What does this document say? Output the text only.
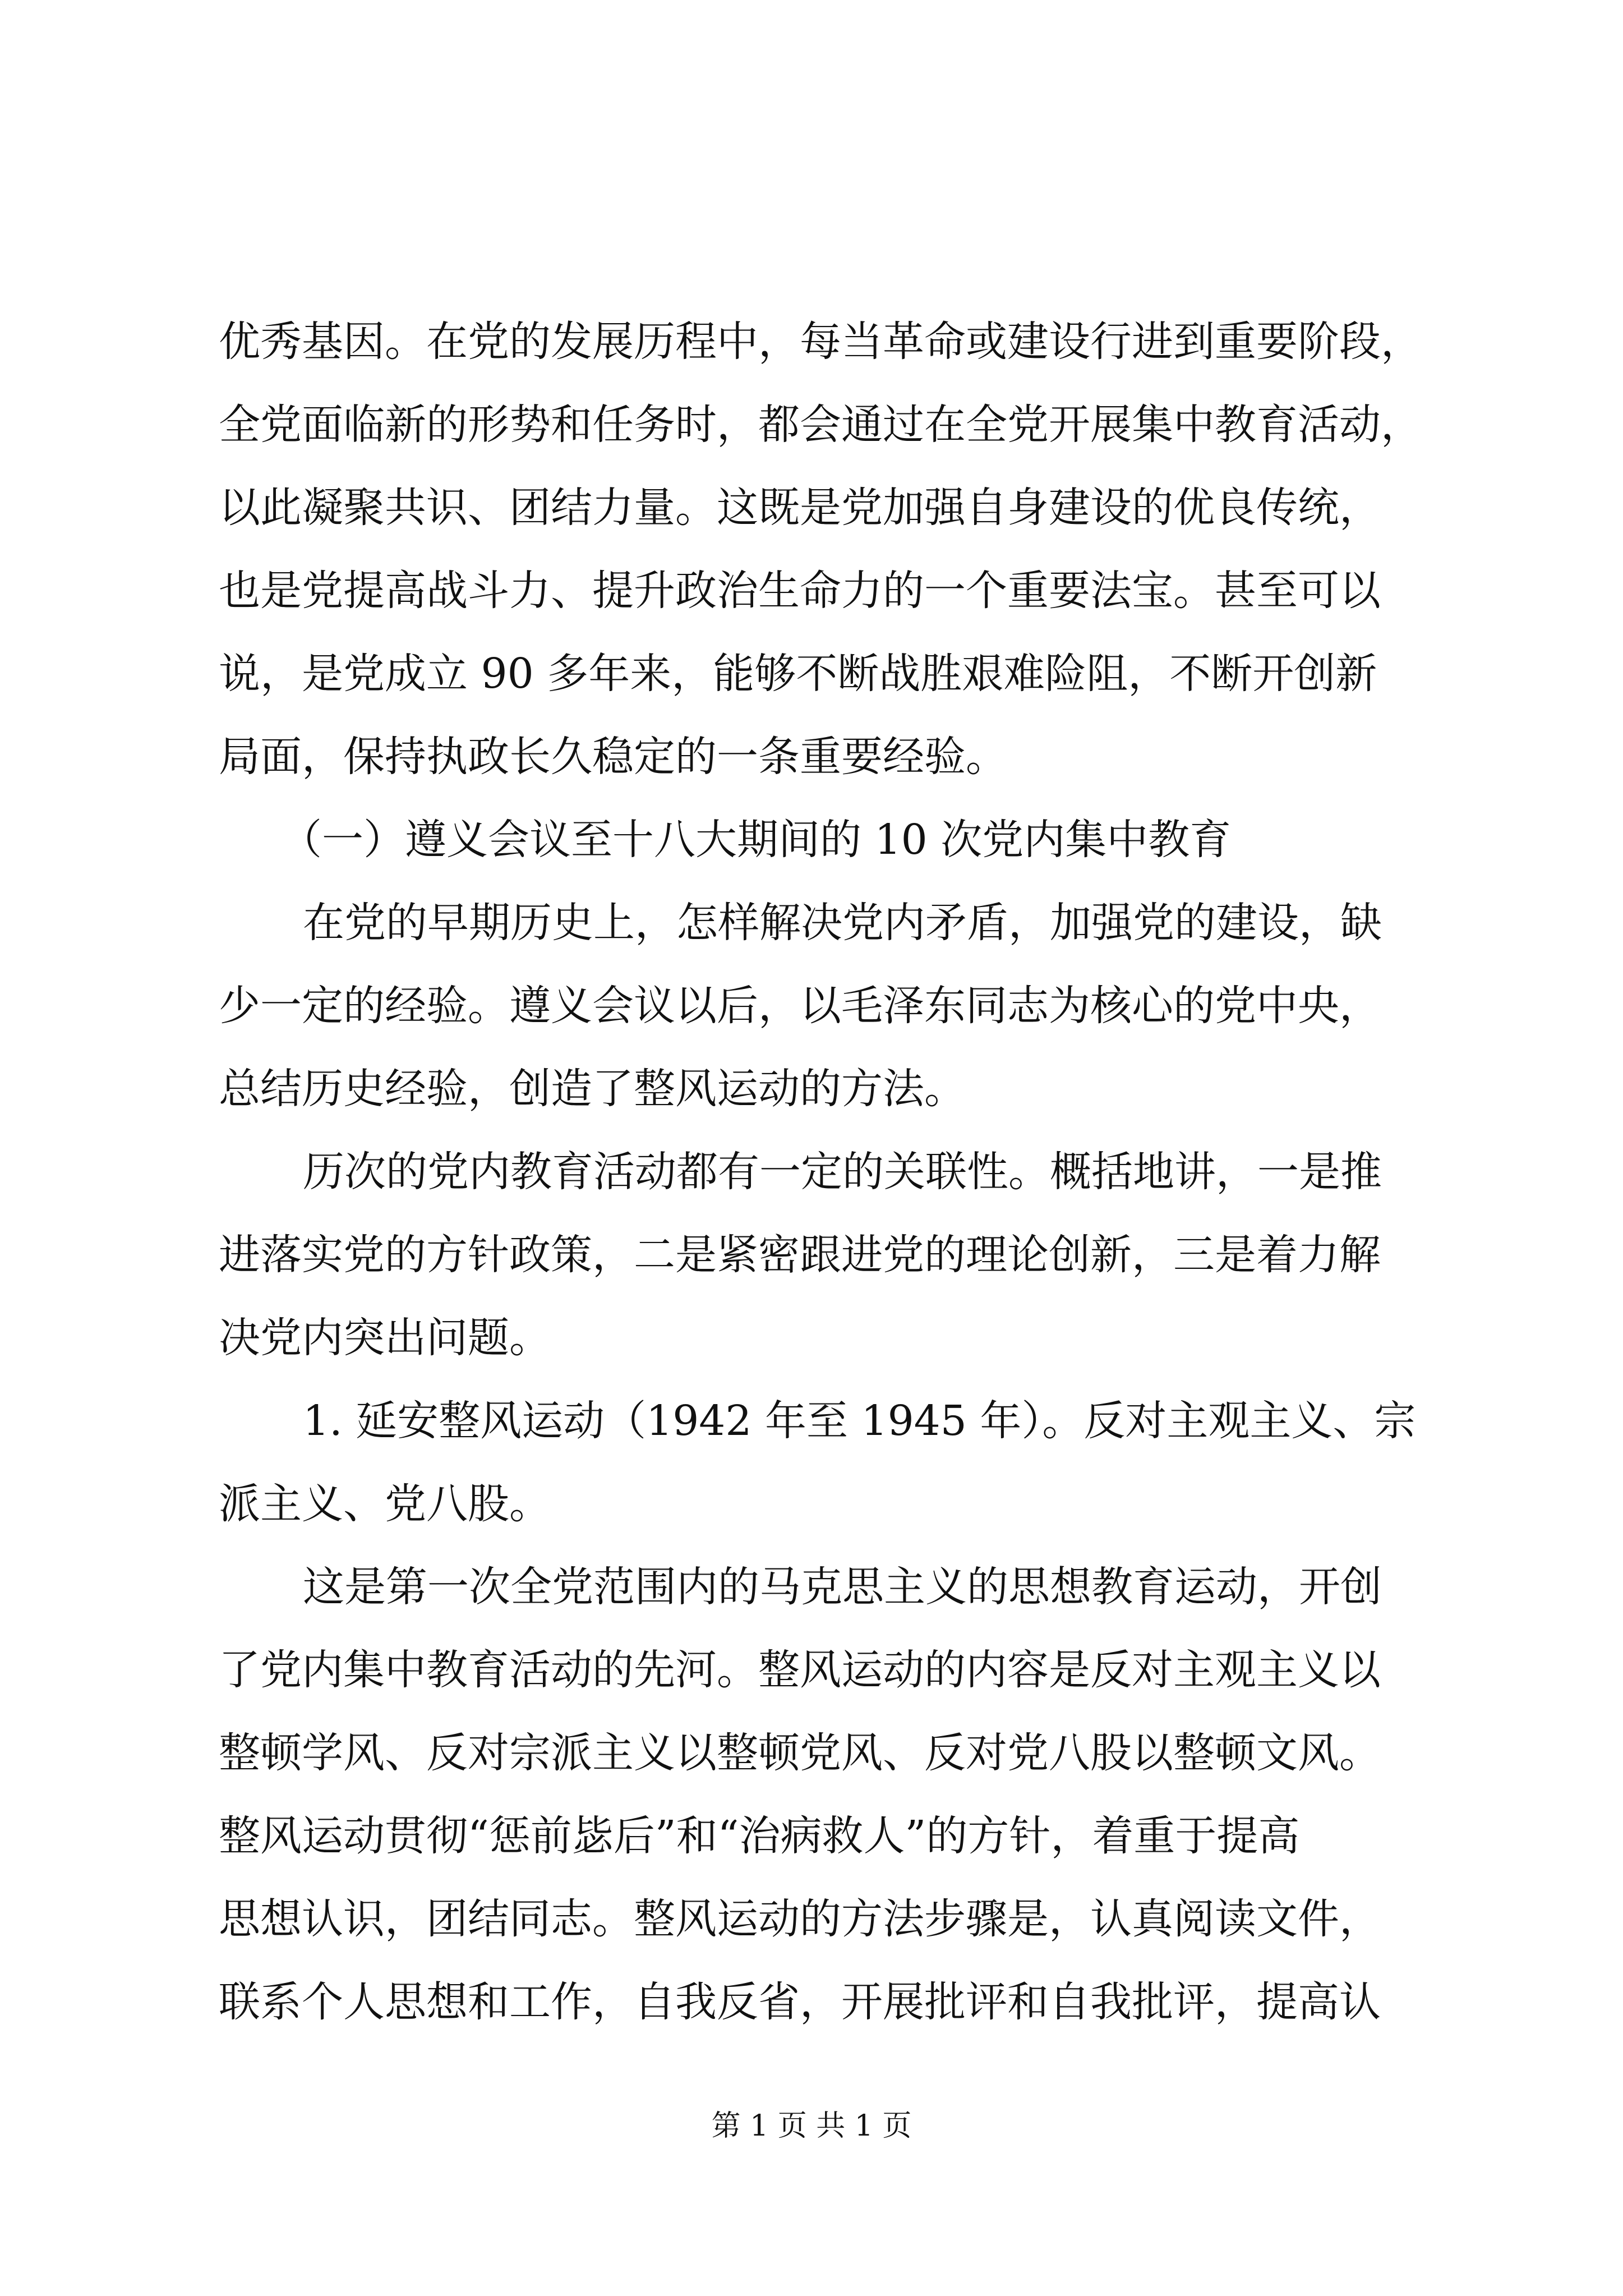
优秀基因。在党的发展历程中，每当革命或建设行进到重要阶段，
全党面临新的形势和任务时，都会通过在全党开展集中教育活动，
以此凝聚共识、团结力量。这既是党加强自身建设的优良传统，
也是党提高战斗力、提升政治生命力的一个重要法宝。甚至可以
说，是党成立 90 多年来，能够不断战胜艰难险阻，不断开创新
局面，保持执政长久稳定的一条重要经验。
（一）遵义会议至十八大期间的 10 次党内集中教育
在党的早期历史上，怎样解决党内矛盾，加强党的建设，缺
少一定的经验。遵义会议以后，以毛泽东同志为核心的党中央，
总结历史经验，创造了整风运动的方法。
历次的党内教育活动都有一定的关联性。概括地讲，一是推
进落实党的方针政策，二是紧密跟进党的理论创新，三是着力解
决党内突出问题。
1. 延安整风运动（1942 年至 1945 年）。反对主观主义、宗
派主义、党八股。
这是第一次全党范围内的马克思主义的思想教育运动，开创
了党内集中教育活动的先河。整风运动的内容是反对主观主义以
整顿学风、反对宗派主义以整顿党风、反对党八股以整顿文风。
整风运动贯彻“惩前毖后”和“治病救人”的方针，着重于提高
思想认识，团结同志。整风运动的方法步骤是，认真阅读文件，
联系个人思想和工作，自我反省，开展批评和自我批评，提高认
第 1 页 共 1 页
